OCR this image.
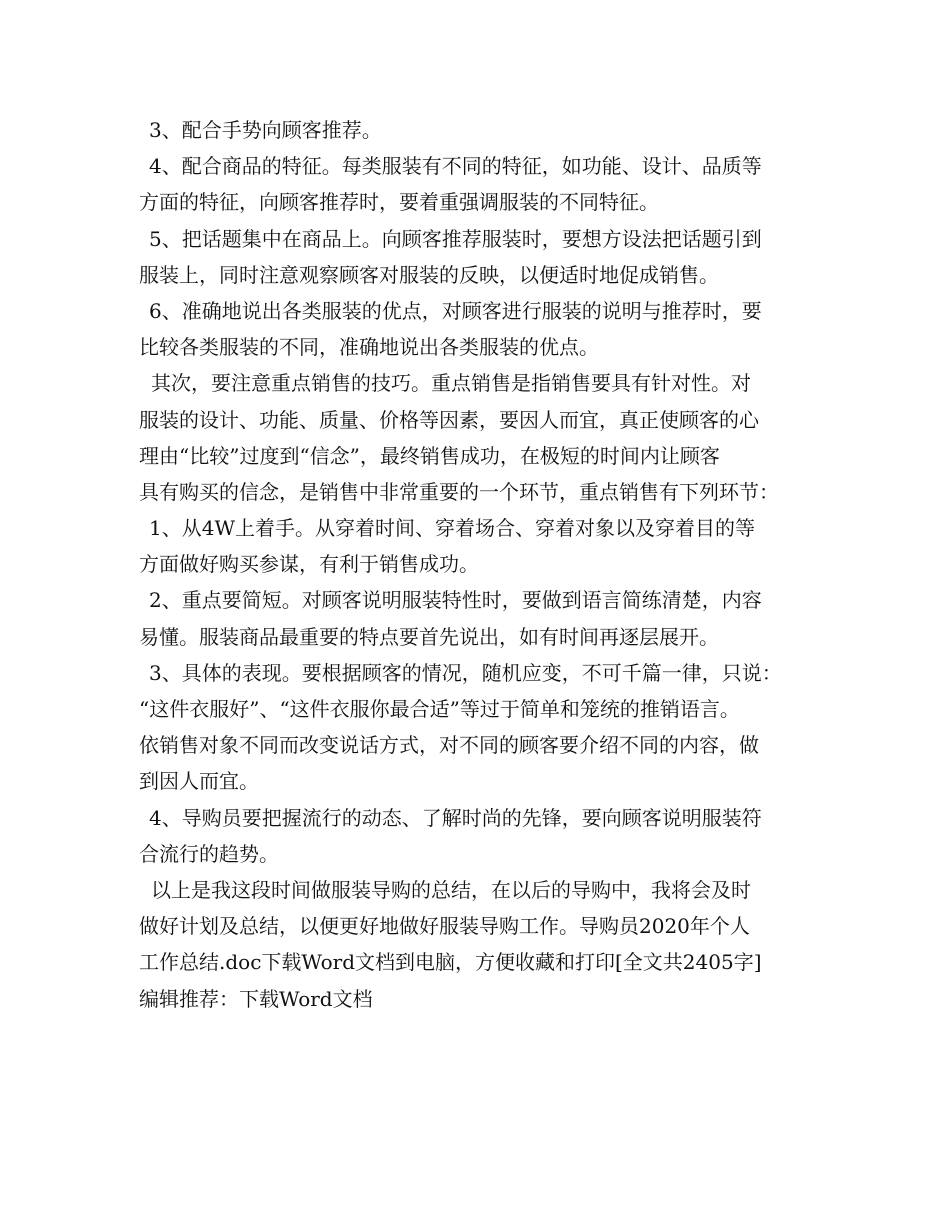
3、配合手势向顾客推荐。
4、配合商品的特征。每类服装有不同的特征，如功能、设计、品质等
方面的特征，向顾客推荐时，要着重强调服装的不同特征。
5、把话题集中在商品上。向顾客推荐服装时，要想方设法把话题引到
服装上，同时注意观察顾客对服装的反映，以便适时地促成销售。
6、准确地说出各类服装的优点，对顾客进行服装的说明与推荐时，要
比较各类服装的不同，准确地说出各类服装的优点。
其次，要注意重点销售的技巧。重点销售是指销售要具有针对性。对
服装的设计、功能、质量、价格等因素，要因人而宜，真正使顾客的心
理由“比较”过度到“信念”，最终销售成功，在极短的时间内让顾客
具有购买的信念，是销售中非常重要的一个环节，重点销售有下列环节：
1、从4W上着手。从穿着时间、穿着场合、穿着对象以及穿着目的等
方面做好购买参谋，有利于销售成功。
2、重点要简短。对顾客说明服装特性时，要做到语言简练清楚，内容
易懂。服装商品最重要的特点要首先说出，如有时间再逐层展开。
3、具体的表现。要根据顾客的情况，随机应变，不可千篇一律，只说：
“这件衣服好”、“这件衣服你最合适”等过于简单和笼统的推销语言。
依销售对象不同而改变说话方式，对不同的顾客要介绍不同的内容，做
到因人而宜。
4、导购员要把握流行的动态、了解时尚的先锋，要向顾客说明服装符
合流行的趋势。
以上是我这段时间做服装导购的总结，在以后的导购中，我将会及时
做好计划及总结，以便更好地做好服装导购工作。导购员2020年个人
工作总结.doc下载Word文档到电脑，方便收藏和打印[全文共2405字]
编辑推荐：下载Word文档
